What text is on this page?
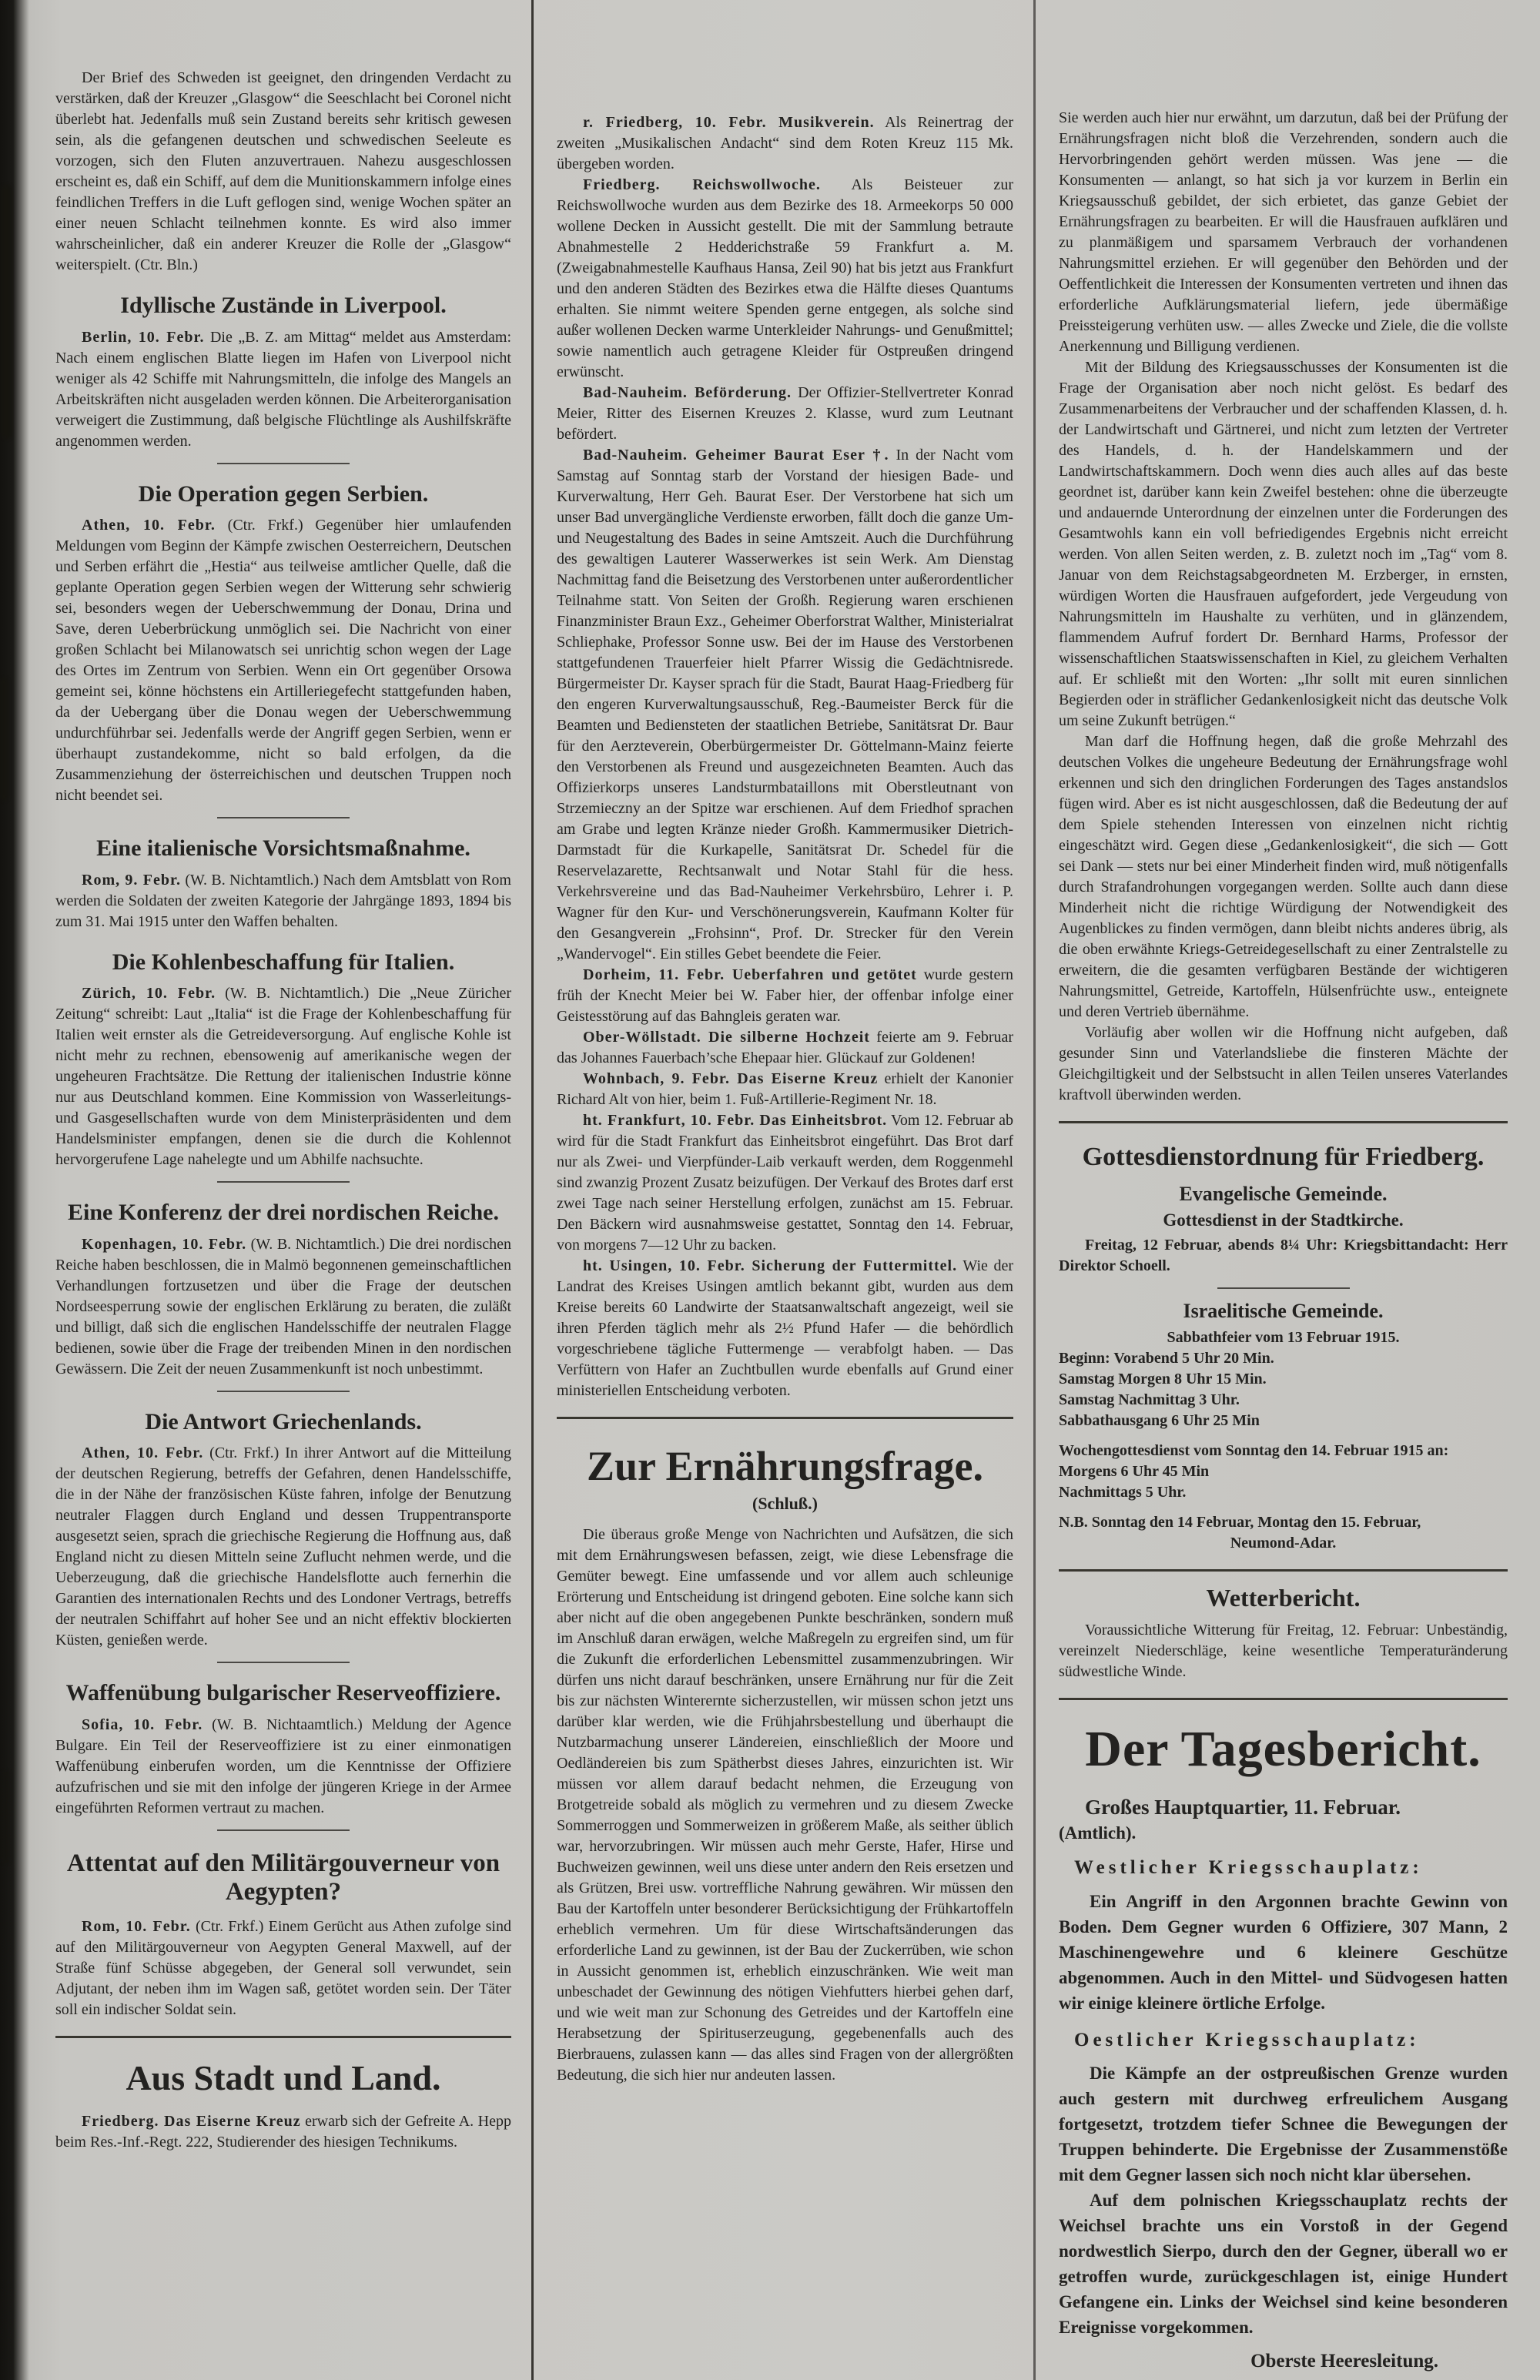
Der Brief des Schweden ist geeignet, den dringenden Verdacht zu verstärken, daß der Kreuzer „Glasgow“ die Seeschlacht bei Coronel nicht überlebt hat. Jedenfalls muß sein Zustand bereits sehr kritisch gewesen sein, als die gefangenen deutschen und schwedischen Seeleute es vorzogen, sich den Fluten anzuvertrauen. Nahezu ausgeschlossen erscheint es, daß ein Schiff, auf dem die Munitionskammern infolge eines feindlichen Treffers in die Luft geflogen sind, wenige Wochen später an einer neuen Schlacht teilnehmen konnte. Es wird also immer wahrscheinlicher, daß ein anderer Kreuzer die Rolle der „Glasgow“ weiterspielt. (Ctr. Bln.)

Idyllische Zustände in Liverpool.

Berlin, 10. Febr. Die „B. Z. am Mittag“ meldet aus Amsterdam: Nach einem englischen Blatte liegen im Hafen von Liverpool nicht weniger als 42 Schiffe mit Nahrungsmitteln, die infolge des Mangels an Arbeitskräften nicht ausgeladen werden können. Die Arbeiterorganisation verweigert die Zustimmung, daß belgische Flüchtlinge als Aushilfskräfte angenommen werden.

Die Operation gegen Serbien.

Athen, 10. Febr. (Ctr. Frkf.) Gegenüber hier umlaufenden Meldungen vom Beginn der Kämpfe zwischen Oesterreichern, Deutschen und Serben erfährt die „Hestia“ aus teilweise amtlicher Quelle, daß die geplante Operation gegen Serbien wegen der Witterung sehr schwierig sei, besonders wegen der Ueberschwemmung der Donau, Drina und Save, deren Ueberbrückung unmöglich sei. Die Nachricht von einer großen Schlacht bei Milanowatsch sei unrichtig schon wegen der Lage des Ortes im Zentrum von Serbien. Wenn ein Ort gegenüber Orsowa gemeint sei, könne höchstens ein Artilleriegefecht stattgefunden haben, da der Uebergang über die Donau wegen der Ueberschwemmung undurchführbar sei. Jedenfalls werde der Angriff gegen Serbien, wenn er überhaupt zustandekomme, nicht so bald erfolgen, da die Zusammenziehung der österreichischen und deutschen Truppen noch nicht beendet sei.

Eine italienische Vorsichtsmaßnahme.

Rom, 9. Febr. (W. B. Nichtamtlich.) Nach dem Amtsblatt von Rom werden die Soldaten der zweiten Kategorie der Jahrgänge 1893, 1894 bis zum 31. Mai 1915 unter den Waffen behalten.

Die Kohlenbeschaffung für Italien.

Zürich, 10. Febr. (W. B. Nichtamtlich.) Die „Neue Züricher Zeitung“ schreibt: Laut „Italia“ ist die Frage der Kohlenbeschaffung für Italien weit ernster als die Getreideversorgung. Auf englische Kohle ist nicht mehr zu rechnen, ebensowenig auf amerikanische wegen der ungeheuren Frachtsätze. Die Rettung der italienischen Industrie könne nur aus Deutschland kommen. Eine Kommission von Wasserleitungs- und Gasgesellschaften wurde von dem Ministerpräsidenten und dem Handelsminister empfangen, denen sie die durch die Kohlennot hervorgerufene Lage nahelegte und um Abhilfe nachsuchte.

Eine Konferenz der drei nordischen Reiche.

Kopenhagen, 10. Febr. (W. B. Nichtamtlich.) Die drei nordischen Reiche haben beschlossen, die in Malmö begonnenen gemeinschaftlichen Verhandlungen fortzusetzen und über die Frage der deutschen Nordseesperrung sowie der englischen Erklärung zu beraten, die zuläßt und billigt, daß sich die englischen Handelsschiffe der neutralen Flagge bedienen, sowie über die Frage der treibenden Minen in den nordischen Gewässern. Die Zeit der neuen Zusammenkunft ist noch unbestimmt.

Die Antwort Griechenlands.

Athen, 10. Febr. (Ctr. Frkf.) In ihrer Antwort auf die Mitteilung der deutschen Regierung, betreffs der Gefahren, denen Handelsschiffe, die in der Nähe der französischen Küste fahren, infolge der Benutzung neutraler Flaggen durch England und dessen Truppentransporte ausgesetzt seien, sprach die griechische Regierung die Hoffnung aus, daß England nicht zu diesen Mitteln seine Zuflucht nehmen werde, und die Ueberzeugung, daß die griechische Handelsflotte auch fernerhin die Garantien des internationalen Rechts und des Londoner Vertrags, betreffs der neutralen Schiffahrt auf hoher See und an nicht effektiv blockierten Küsten, genießen werde.

Waffenübung bulgarischer Reserveoffiziere.

Sofia, 10. Febr. (W. B. Nichtaamtlich.) Meldung der Agence Bulgare. Ein Teil der Reserveoffiziere ist zu einer einmonatigen Waffenübung einberufen worden, um die Kenntnisse der Offiziere aufzufrischen und sie mit den infolge der jüngeren Kriege in der Armee eingeführten Reformen vertraut zu machen.

Attentat auf den Militärgouverneur von Aegypten?

Rom, 10. Febr. (Ctr. Frkf.) Einem Gerücht aus Athen zufolge sind auf den Militärgouverneur von Aegypten General Maxwell, auf der Straße fünf Schüsse abgegeben, der General soll verwundet, sein Adjutant, der neben ihm im Wagen saß, getötet worden sein. Der Täter soll ein indischer Soldat sein.

Aus Stadt und Land.

Friedberg. Das Eiserne Kreuz erwarb sich der Gefreite A. Hepp beim Res.-Inf.-Regt. 222, Studierender des hiesigen Technikums.

r. Friedberg, 10. Febr. Musikverein. Als Reinertrag der zweiten „Musikalischen Andacht“ sind dem Roten Kreuz 115 Mk. übergeben worden.

Friedberg. Reichswollwoche. Als Beisteuer zur Reichswollwoche wurden aus dem Bezirke des 18. Armeekorps 50 000 wollene Decken in Aussicht gestellt. Die mit der Sammlung betraute Abnahmestelle 2 Hedderichstraße 59 Frankfurt a. M. (Zweigabnahmestelle Kaufhaus Hansa, Zeil 90) hat bis jetzt aus Frankfurt und den anderen Städten des Bezirkes etwa die Hälfte dieses Quantums erhalten. Sie nimmt weitere Spenden gerne entgegen, als solche sind außer wollenen Decken warme Unterkleider Nahrungs- und Genußmittel; sowie namentlich auch getragene Kleider für Ostpreußen dringend erwünscht.

Bad-Nauheim. Beförderung. Der Offizier-Stellvertreter Konrad Meier, Ritter des Eisernen Kreuzes 2. Klasse, wurd zum Leutnant befördert.

Bad-Nauheim. Geheimer Baurat Eser †. In der Nacht vom Samstag auf Sonntag starb der Vorstand der hiesigen Bade- und Kurverwaltung, Herr Geh. Baurat Eser. Der Verstorbene hat sich um unser Bad unvergängliche Verdienste erworben, fällt doch die ganze Um- und Neugestaltung des Bades in seine Amtszeit. Auch die Durchführung des gewaltigen Lauterer Wasserwerkes ist sein Werk. Am Dienstag Nachmittag fand die Beisetzung des Verstorbenen unter außerordentlicher Teilnahme statt. Von Seiten der Großh. Regierung waren erschienen Finanzminister Braun Exz., Geheimer Oberforstrat Walther, Ministerialrat Schliephake, Professor Sonne usw. Bei der im Hause des Verstorbenen stattgefundenen Trauerfeier hielt Pfarrer Wissig die Gedächtnisrede. Bürgermeister Dr. Kayser sprach für die Stadt, Baurat Haag-Friedberg für den engeren Kurverwaltungsausschuß, Reg.-Baumeister Berck für die Beamten und Bediensteten der staatlichen Betriebe, Sanitätsrat Dr. Baur für den Aerzteverein, Oberbürgermeister Dr. Göttelmann-Mainz feierte den Verstorbenen als Freund und ausgezeichneten Beamten. Auch das Offizierkorps unseres Landsturmbataillons mit Oberstleutnant von Strzemieczny an der Spitze war erschienen. Auf dem Friedhof sprachen am Grabe und legten Kränze nieder Großh. Kammermusiker Dietrich-Darmstadt für die Kurkapelle, Sanitätsrat Dr. Schedel für die Reservelazarette, Rechtsanwalt und Notar Stahl für die hess. Verkehrsvereine und das Bad-Nauheimer Verkehrsbüro, Lehrer i. P. Wagner für den Kur- und Verschönerungsverein, Kaufmann Kolter für den Gesangverein „Frohsinn“, Prof. Dr. Strecker für den Verein „Wandervogel“. Ein stilles Gebet beendete die Feier.

Dorheim, 11. Febr. Ueberfahren und getötet wurde gestern früh der Knecht Meier bei W. Faber hier, der offenbar infolge einer Geistesstörung auf das Bahngleis geraten war.

Ober-Wöllstadt. Die silberne Hochzeit feierte am 9. Februar das Johannes Fauerbach’sche Ehepaar hier. Glückauf zur Goldenen!

Wohnbach, 9. Febr. Das Eiserne Kreuz erhielt der Kanonier Richard Alt von hier, beim 1. Fuß-Artillerie-Regiment Nr. 18.

ht. Frankfurt, 10. Febr. Das Einheitsbrot. Vom 12. Februar ab wird für die Stadt Frankfurt das Einheitsbrot eingeführt. Das Brot darf nur als Zwei- und Vierpfünder-Laib verkauft werden, dem Roggenmehl sind zwanzig Prozent Zusatz beizufügen. Der Verkauf des Brotes darf erst zwei Tage nach seiner Herstellung erfolgen, zunächst am 15. Februar. Den Bäckern wird ausnahmsweise gestattet, Sonntag den 14. Februar, von morgens 7—12 Uhr zu backen.

ht. Usingen, 10. Febr. Sicherung der Futtermittel. Wie der Landrat des Kreises Usingen amtlich bekannt gibt, wurden aus dem Kreise bereits 60 Landwirte der Staatsanwaltschaft angezeigt, weil sie ihren Pferden täglich mehr als 2½ Pfund Hafer — die behördlich vorgeschriebene tägliche Futtermenge — verabfolgt haben. — Das Verfüttern von Hafer an Zuchtbullen wurde ebenfalls auf Grund einer ministeriellen Entscheidung verboten.

Zur Ernährungsfrage.
(Schluß.)

Die überaus große Menge von Nachrichten und Aufsätzen, die sich mit dem Ernährungswesen befassen, zeigt, wie diese Lebensfrage die Gemüter bewegt. Eine umfassende und vor allem auch schleunige Erörterung und Entscheidung ist dringend geboten. Eine solche kann sich aber nicht auf die oben angegebenen Punkte beschränken, sondern muß im Anschluß daran erwägen, welche Maßregeln zu ergreifen sind, um für die Zukunft die erforderlichen Lebensmittel zusammenzubringen. Wir dürfen uns nicht darauf beschränken, unsere Ernährung nur für die Zeit bis zur nächsten Winterernte sicherzustellen, wir müssen schon jetzt uns darüber klar werden, wie die Frühjahrsbestellung und überhaupt die Nutzbarmachung unserer Ländereien, einschließlich der Moore und Oedländereien bis zum Spätherbst dieses Jahres, einzurichten ist. Wir müssen vor allem darauf bedacht nehmen, die Erzeugung von Brotgetreide sobald als möglich zu vermehren und zu diesem Zwecke Sommerroggen und Sommerweizen in größerem Maße, als seither üblich war, hervorzubringen. Wir müssen auch mehr Gerste, Hafer, Hirse und Buchweizen gewinnen, weil uns diese unter andern den Reis ersetzen und als Grützen, Brei usw. vortreffliche Nahrung gewähren. Wir müssen den Bau der Kartoffeln unter besonderer Berücksichtigung der Frühkartoffeln erheblich vermehren. Um für diese Wirtschaftsänderungen das erforderliche Land zu gewinnen, ist der Bau der Zuckerrüben, wie schon in Aussicht genommen ist, erheblich einzuschränken. Wie weit man unbeschadet der Gewinnung des nötigen Viehfutters hierbei gehen darf, und wie weit man zur Schonung des Getreides und der Kartoffeln eine Herabsetzung der Spirituserzeugung, gegebenenfalls auch des Bierbrauens, zulassen kann — das alles sind Fragen von der allergrößten Bedeutung, die sich hier nur andeuten lassen.

Sie werden auch hier nur erwähnt, um darzutun, daß bei der Prüfung der Ernährungsfragen nicht bloß die Verzehrenden, sondern auch die Hervorbringenden gehört werden müssen. Was jene — die Konsumenten — anlangt, so hat sich ja vor kurzem in Berlin ein Kriegsausschuß gebildet, der sich erbietet, das ganze Gebiet der Ernährungsfragen zu bearbeiten. Er will die Hausfrauen aufklären und zu planmäßigem und sparsamem Verbrauch der vorhandenen Nahrungsmittel erziehen. Er will gegenüber den Behörden und der Oeffentlichkeit die Interessen der Konsumenten vertreten und ihnen das erforderliche Aufklärungsmaterial liefern, jede übermäßige Preissteigerung verhüten usw. — alles Zwecke und Ziele, die die vollste Anerkennung und Billigung verdienen.

Mit der Bildung des Kriegsausschusses der Konsumenten ist die Frage der Organisation aber noch nicht gelöst. Es bedarf des Zusammenarbeitens der Verbraucher und der schaffenden Klassen, d. h. der Landwirtschaft und Gärtnerei, und nicht zum letzten der Vertreter des Handels, d. h. der Handelskammern und der Landwirtschaftskammern. Doch wenn dies auch alles auf das beste geordnet ist, darüber kann kein Zweifel bestehen: ohne die überzeugte und andauernde Unterordnung der einzelnen unter die Forderungen des Gesamtwohls kann ein voll befriedigendes Ergebnis nicht erreicht werden. Von allen Seiten werden, z. B. zuletzt noch im „Tag“ vom 8. Januar von dem Reichstagsabgeordneten M. Erzberger, in ernsten, würdigen Worten die Hausfrauen aufgefordert, jede Vergeudung von Nahrungsmitteln im Haushalte zu verhüten, und in glänzendem, flammendem Aufruf fordert Dr. Bernhard Harms, Professor der wissenschaftlichen Staatswissenschaften in Kiel, zu gleichem Verhalten auf. Er schließt mit den Worten: „Ihr sollt mit euren sinnlichen Begierden oder in sträflicher Gedankenlosigkeit nicht das deutsche Volk um seine Zukunft betrügen.“

Man darf die Hoffnung hegen, daß die große Mehrzahl des deutschen Volkes die ungeheure Bedeutung der Ernährungsfrage wohl erkennen und sich den dringlichen Forderungen des Tages anstandslos fügen wird. Aber es ist nicht ausgeschlossen, daß die Bedeutung der auf dem Spiele stehenden Interessen von einzelnen nicht richtig eingeschätzt wird. Gegen diese „Gedankenlosigkeit“, die sich — Gott sei Dank — stets nur bei einer Minderheit finden wird, muß nötigenfalls durch Strafandrohungen vorgegangen werden. Sollte auch dann diese Minderheit nicht die richtige Würdigung der Notwendigkeit des Augenblickes zu finden vermögen, dann bleibt nichts anderes übrig, als die oben erwähnte Kriegs-Getreidegesellschaft zu einer Zentralstelle zu erweitern, die die gesamten verfügbaren Bestände der wichtigeren Nahrungsmittel, Getreide, Kartoffeln, Hülsenfrüchte usw., enteignete und deren Vertrieb übernähme.

Vorläufig aber wollen wir die Hoffnung nicht aufgeben, daß gesunder Sinn und Vaterlandsliebe die finsteren Mächte der Gleichgiltigkeit und der Selbstsucht in allen Teilen unseres Vaterlandes kraftvoll überwinden werden.

Gottesdienstordnung für Friedberg.
Evangelische Gemeinde.
Gottesdienst in der Stadtkirche.

Freitag, 12 Februar, abends 8¼ Uhr: Kriegsbittandacht: Herr Direktor Schoell.

Israelitische Gemeinde.
Sabbathfeier vom 13 Februar 1915.
Beginn: Vorabend 5 Uhr 20 Min.
Samstag Morgen 8 Uhr 15 Min.
Samstag Nachmittag 3 Uhr.
Sabbathausgang 6 Uhr 25 Min
Wochengottesdienst vom Sonntag den 14. Februar 1915 an:
Morgens 6 Uhr 45 Min
Nachmittags 5 Uhr.
N.B. Sonntag den 14 Februar, Montag den 15. Februar,
Neumond-Adar.
Wetterbericht.

Voraussichtliche Witterung für Freitag, 12. Februar: Unbeständig, vereinzelt Niederschläge, keine wesentliche Temperaturänderung südwestliche Winde.

Der Tagesbericht.
Großes Hauptquartier, 11. Februar.
(Amtlich).
Westlicher Kriegsschauplatz:

Ein Angriff in den Argonnen brachte Gewinn von Boden. Dem Gegner wurden 6 Offiziere, 307 Mann, 2 Maschinengewehre und 6 kleinere Geschütze abgenommen. Auch in den Mittel- und Südvogesen hatten wir einige kleinere örtliche Erfolge.

Oestlicher Kriegsschauplatz:

Die Kämpfe an der ostpreußischen Grenze wurden auch gestern mit durchweg erfreulichem Ausgang fortgesetzt, trotzdem tiefer Schnee die Bewegungen der Truppen behinderte. Die Ergebnisse der Zusammenstöße mit dem Gegner lassen sich noch nicht klar übersehen.

Auf dem polnischen Kriegsschauplatz rechts der Weichsel brachte uns ein Vorstoß in der Gegend nordwestlich Sierpo, durch den der Gegner, überall wo er getroffen wurde, zurückgeschlagen ist, einige Hundert Gefangene ein. Links der Weichsel sind keine besonderen Ereignisse vorgekommen.

Oberste Heeresleitung.
